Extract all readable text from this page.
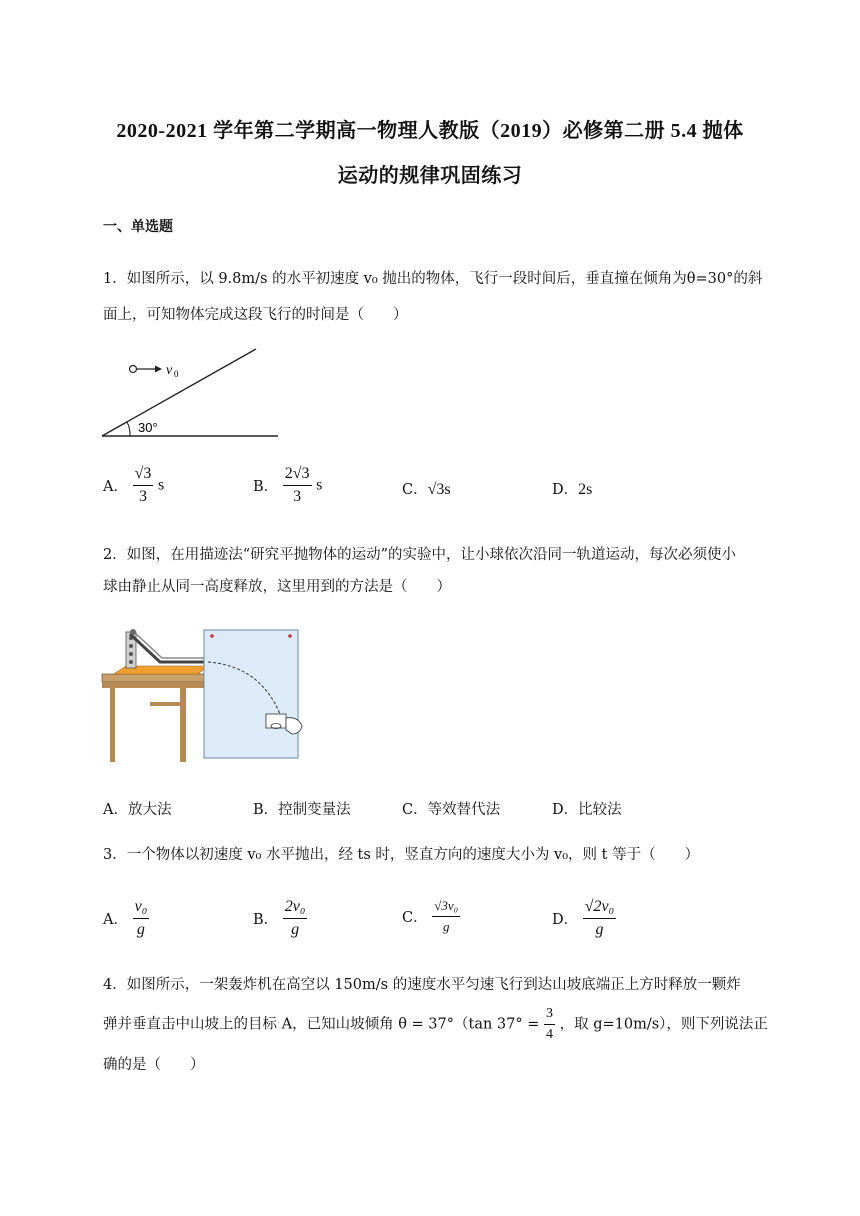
2020-2021 学年第二学期高一物理人教版（2019）必修第二册 5.4 抛体
运动的规律巩固练习
一、单选题
1．如图所示，以 9.8m/s 的水平初速度 v₀ 抛出的物体，飞行一段时间后，垂直撞在倾角为θ=30°的斜
面上，可知物体完成这段飞行的时间是（　　）
v 0
30°
A． $\frac{√3}{3}$ s	B． $\frac{2√3}{3}$ s	C．√3s	D．2s
2．如图，在用描迹法“研究平抛物体的运动”的实验中，让小球依次沿同一轨道运动，每次必须使小
球由静止从同一高度释放，这里用到的方法是（　　）
A．放大法	B．控制变量法	C．等效替代法	D．比较法
3．一个物体以初速度 v₀ 水平抛出，经 ts 时，竖直方向的速度大小为 v₀，则 t 等于（　　）
A． $\frac{\text{v₀}}{g}$	B． $\frac{\text{2v₀}}{g}$	C． $\frac{\text{√3v₀}}{g}$	D． $\frac{\text{√2v₀}}{g}$
4．如图所示，一架轰炸机在高空以 150m/s 的速度水平匀速飞行到达山坡底端正上方时释放一颗炸
弹并垂直击中山坡上的目标 A，已知山坡倾角 θ = 37°（tan $37^\circ = \frac{3}{4}$ ，取 g=10m/s），则下列说法正
确的是（　　）
